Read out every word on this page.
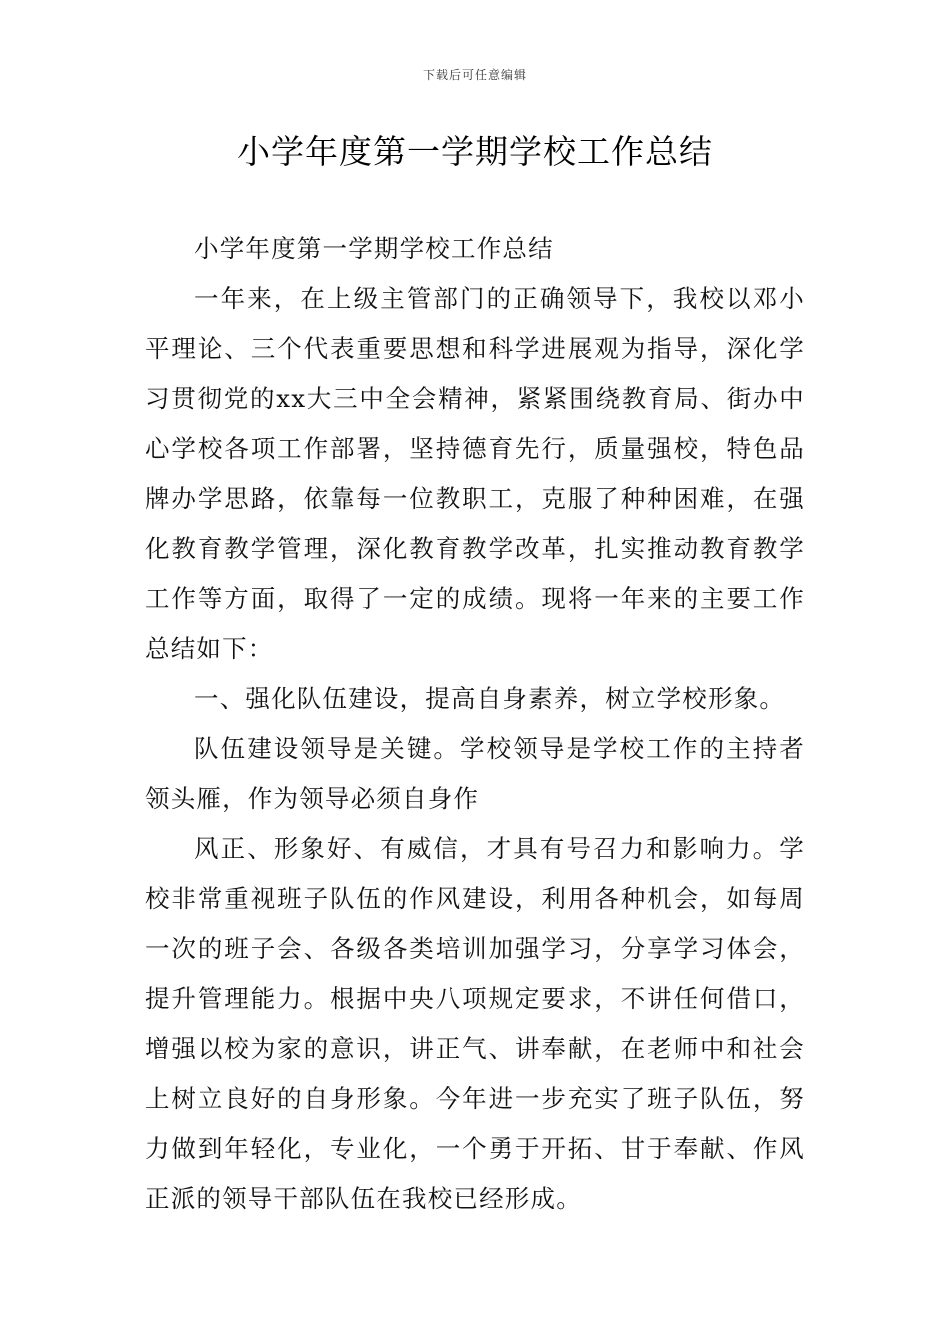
下载后可任意编辑
小学年度第一学期学校工作总结

小学年度第一学期学校工作总结

一年来，在上级主管部门的正确领导下，我校以邓小平理论、三个代表重要思想和科学进展观为指导，深化学习贯彻党的xx大三中全会精神，紧紧围绕教育局、街办中心学校各项工作部署，坚持德育先行，质量强校，特色品牌办学思路，依靠每一位教职工，克服了种种困难，在强化教育教学管理，深化教育教学改革，扎实推动教育教学工作等方面，取得了一定的成绩。现将一年来的主要工作总结如下：

一、强化队伍建设，提高自身素养，树立学校形象。

队伍建设领导是关键。学校领导是学校工作的主持者领头雁，作为领导必须自身作

风正、形象好、有威信，才具有号召力和影响力。学校非常重视班子队伍的作风建设，利用各种机会，如每周一次的班子会、各级各类培训加强学习，分享学习体会，提升管理能力。根据中央八项规定要求，不讲任何借口，增强以校为家的意识，讲正气、讲奉献，在老师中和社会上树立良好的自身形象。今年进一步充实了班子队伍，努力做到年轻化，专业化，一个勇于开拓、甘于奉献、作风正派的领导干部队伍在我校已经形成。
